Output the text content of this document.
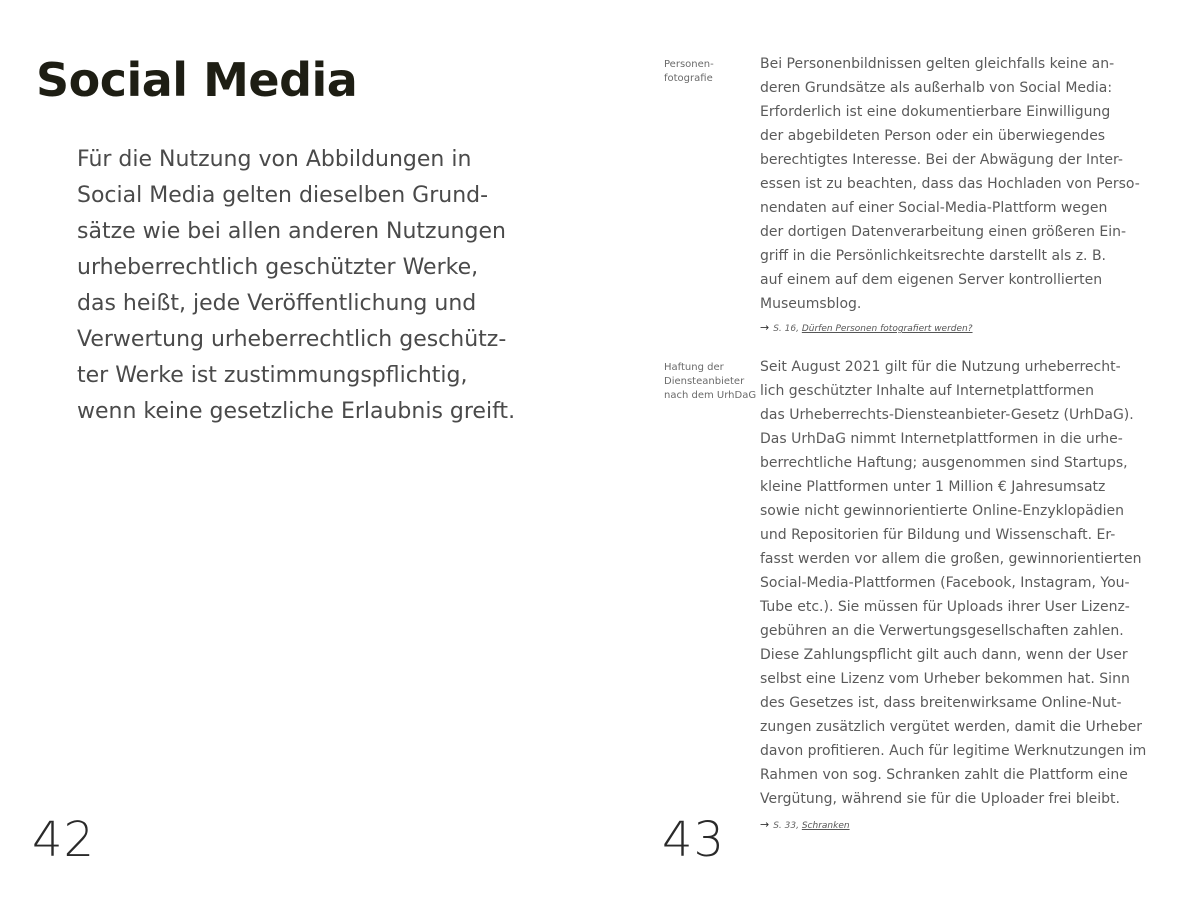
Social Media

Für die Nutzung von Abbildungen in
Social Media gelten dieselben Grund-
sätze wie bei allen anderen Nutzungen
urheberrechtlich geschützter Werke,
das heißt, jede Veröffentlichung und
Verwertung urheberrechtlich geschütz-
ter Werke ist zustimmungspflichtig,
wenn keine gesetzliche Erlaubnis greift.

42

Personen-
fotografie

Bei Personenbildnissen gelten gleichfalls keine an-
deren Grundsätze als außerhalb von Social Media:
Erforderlich ist eine dokumentierbare Einwilligung
der abgebildeten Person oder ein überwiegendes
berechtigtes Interesse. Bei der Abwägung der Inter-
essen ist zu beachten, dass das Hochladen von Perso-
nendaten auf einer Social-Media-Plattform wegen
der dortigen Datenverarbeitung einen größeren Ein-
griff in die Persönlichkeitsrechte darstellt als z. B.
auf einem auf dem eigenen Server kontrollierten
Museumsblog.

→ S. 16, Dürfen Personen fotografiert werden?

Haftung der
Diensteanbieter
nach dem UrhDaG

Seit August 2021 gilt für die Nutzung urheberrecht-
lich geschützter Inhalte auf Internetplattformen
das Urheberrechts-Diensteanbieter-Gesetz (UrhDaG).
Das UrhDaG nimmt Internetplattformen in die urhe-
berrechtliche Haftung; ausgenommen sind Startups,
kleine Plattformen unter 1 Million € Jahresumsatz
sowie nicht gewinnorientierte Online-Enzyklopädien
und Repositorien für Bildung und Wissenschaft. Er-
fasst werden vor allem die großen, gewinnorientierten
Social-Media-Plattformen (Facebook, Instagram, You-
Tube etc.). Sie müssen für Uploads ihrer User Lizenz-
gebühren an die Verwertungsgesellschaften zahlen.
Diese Zahlungspflicht gilt auch dann, wenn der User
selbst eine Lizenz vom Urheber bekommen hat. Sinn
des Gesetzes ist, dass breitenwirksame Online-Nut-
zungen zusätzlich vergütet werden, damit die Urheber
davon profitieren. Auch für legitime Werknutzungen im
Rahmen von sog. Schranken zahlt die Plattform eine
Vergütung, während sie für die Uploader frei bleibt.

→ S. 33, Schranken
43
